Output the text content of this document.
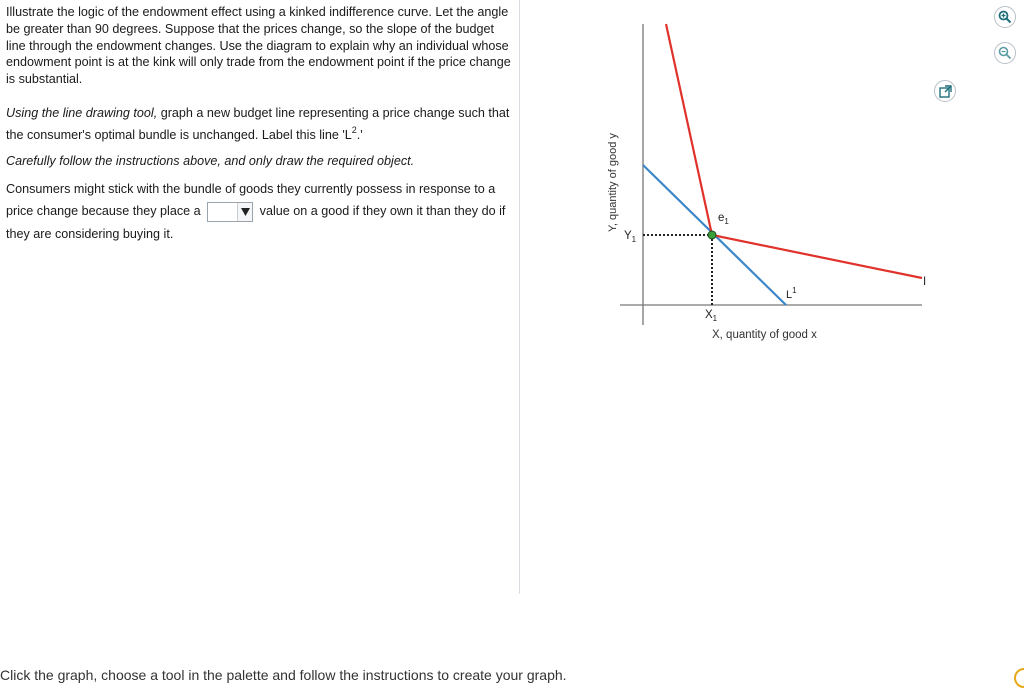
Illustrate the logic of the endowment effect using a kinked indifference curve. Let the angle be greater than 90 degrees. Suppose that the prices change, so the slope of the budget line through the endowment changes. Use the diagram to explain why an individual whose endowment point is at the kink will only trade from the endowment point if the price change is substantial.

Using the line drawing tool, graph a new budget line representing a price change such that the consumer's optimal bundle is unchanged. Label this line '$L^2$.'

Carefully follow the instructions above, and only draw the required object.

Consumers might stick with the bundle of goods they currently possess in response to a price change because they place a	value on a good if they own it than they do if they are considering buying it.

Y, quantity of good y
X, quantity of good x
$Y_1$
$X_1$
$e_1$
$L^1$
I
Click the graph, choose a tool in the palette and follow the instructions to create your graph.
